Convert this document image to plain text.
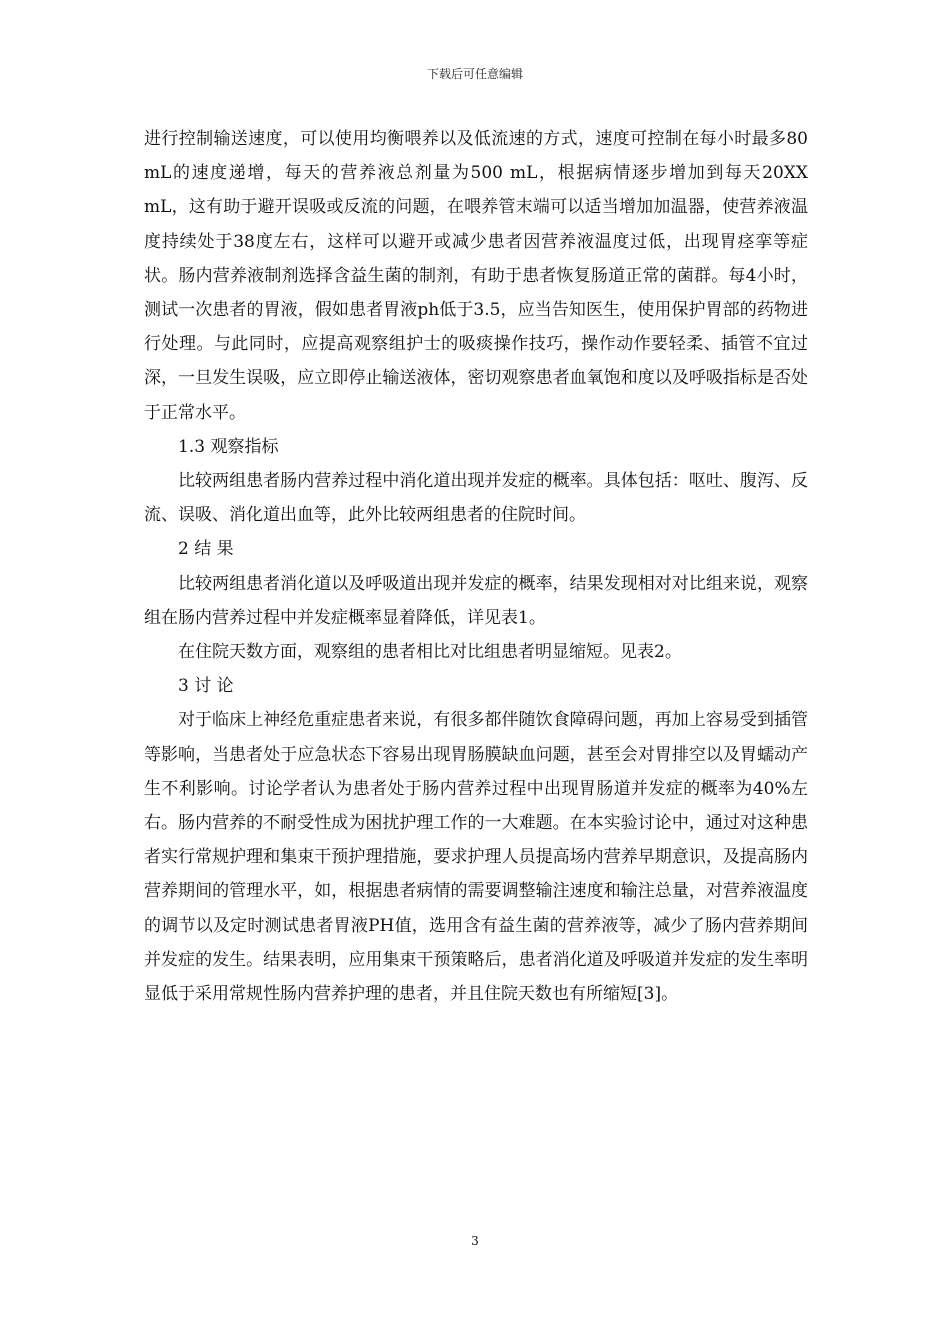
下载后可任意编辑

进行控制输送速度，可以使用均衡喂养以及低流速的方式，速度可控制在每小时最多80 mL的速度递增，每天的营养液总剂量为500 mL，根据病情逐步增加到每天20XX mL，这有助于避开误吸或反流的问题，在喂养管末端可以适当增加加温器，使营养液温度持续处于38度左右，这样可以避开或减少患者因营养液温度过低，出现胃痉挛等症状。肠内营养液制剂选择含益生菌的制剂，有助于患者恢复肠道正常的菌群。每4小时，测试一次患者的胃液，假如患者胃液ph低于3.5，应当告知医生，使用保护胃部的药物进行处理。与此同时，应提高观察组护士的吸痰操作技巧，操作动作要轻柔、插管不宜过深，一旦发生误吸，应立即停止输送液体，密切观察患者血氧饱和度以及呼吸指标是否处于正常水平。

1.3 观察指标

比较两组患者肠内营养过程中消化道出现并发症的概率。具体包括：呕吐、腹泻、反流、误吸、消化道出血等，此外比较两组患者的住院时间。

2 结 果

比较两组患者消化道以及呼吸道出现并发症的概率，结果发现相对对比组来说，观察组在肠内营养过程中并发症概率显着降低，详见表1。

在住院天数方面，观察组的患者相比对比组患者明显缩短。见表2。

3 讨 论

对于临床上神经危重症患者来说，有很多都伴随饮食障碍问题，再加上容易受到插管等影响，当患者处于应急状态下容易出现胃肠膜缺血问题，甚至会对胃排空以及胃蠕动产生不利影响。讨论学者认为患者处于肠内营养过程中出现胃肠道并发症的概率为40%左右。肠内营养的不耐受性成为困扰护理工作的一大难题。在本实验讨论中，通过对这种患者实行常规护理和集束干预护理措施，要求护理人员提高场内营养早期意识，及提高肠内营养期间的管理水平，如，根据患者病情的需要调整输注速度和输注总量，对营养液温度的调节以及定时测试患者胃液PH值，选用含有益生菌的营养液等，减少了肠内营养期间并发症的发生。结果表明，应用集束干预策略后，患者消化道及呼吸道并发症的发生率明显低于采用常规性肠内营养护理的患者，并且住院天数也有所缩短[3]。

3
